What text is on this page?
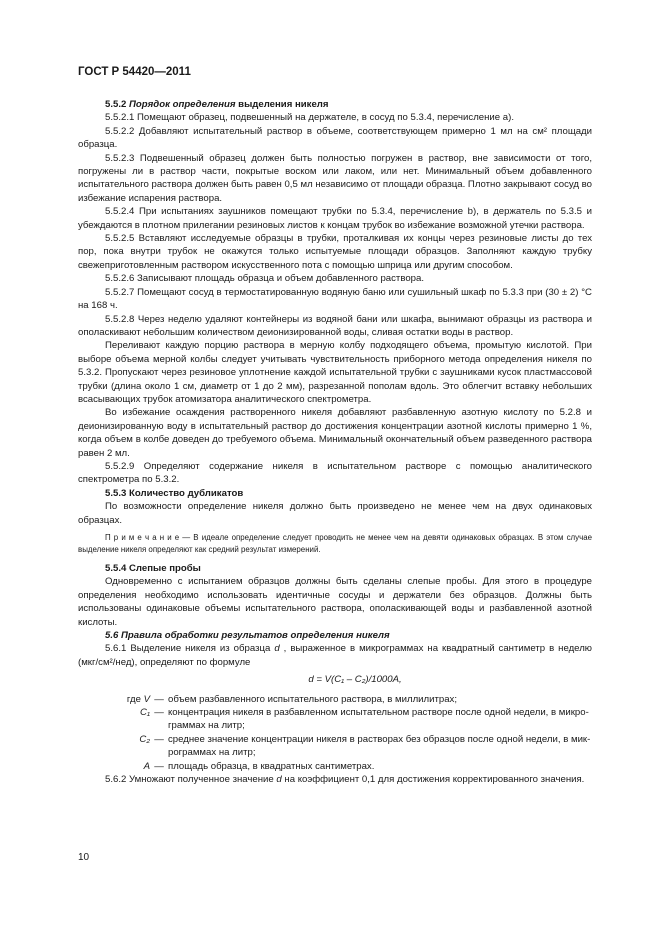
ГОСТ Р 54420—2011

5.5.2 Порядок определения выделения никеля

5.5.2.1 Помещают образец, подвешенный на держателе, в сосуд по 5.3.4, перечисление а).

5.5.2.2 Добавляют испытательный раствор в объеме, соответствующем примерно 1 мл на см² площади образца.

5.5.2.3 Подвешенный образец должен быть полностью погружен в раствор, вне зависимости от того, погружены ли в раствор части, покрытые воском или лаком, или нет. Минимальный объем добавленного испытательного раствора должен быть равен 0,5 мл независимо от площади образца. Плотно закрывают сосуд во избежание испарения раствора.

5.5.2.4 При испытаниях заушников помещают трубки по 5.3.4, перечисление b), в держатель по 5.3.5 и убеждаются в плотном прилегании резиновых листов к концам трубок во избежание возможной утечки раствора.

5.5.2.5 Вставляют исследуемые образцы в трубки, проталкивая их концы через резиновые листы до тех пор, пока внутри трубок не окажутся только испытуемые площади образцов. Заполняют каждую трубку свежеприготовленным раствором искусственного пота с помощью шприца или другим способом.

5.5.2.6 Записывают площадь образца и объем добавленного раствора.

5.5.2.7 Помещают сосуд в термостатированную водяную баню или сушильный шкаф по 5.3.3 при (30 ± 2) °С на 168 ч.

5.5.2.8 Через неделю удаляют контейнеры из водяной бани или шкафа, вынимают образцы из раствора и ополаскивают небольшим количеством деионизированной воды, сливая остатки воды в раствор.

Переливают каждую порцию раствора в мерную колбу подходящего объема, промытую кислотой. При выборе объема мерной колбы следует учитывать чувствительность приборного метода определения никеля по 5.3.2. Пропускают через резиновое уплотнение каждой испытательной трубки с заушниками кусок пластмассовой трубки (длина около 1 см, диаметр от 1 до 2 мм), разрезанной пополам вдоль. Это облегчит вставку небольших всасывающих трубок атомизатора аналитического спектрометра.

Во избежание осаждения растворенного никеля добавляют разбавленную азотную кислоту по 5.2.8 и деионизированную воду в испытательный раствор до достижения концентрации азотной кислоты примерно 1 %, когда объем в колбе доведен до требуемого объема. Минимальный окончательный объем разведенного раствора равен 2 мл.

5.5.2.9 Определяют содержание никеля в испытательном растворе с помощью аналитического спектрометра по 5.3.2.

5.5.3 Количество дубликатов

По возможности определение никеля должно быть произведено не менее чем на двух одинаковых образцах.

П р и м е ч а н и е — В идеале определение следует проводить не менее чем на девяти одинаковых образцах. В этом случае выделение никеля определяют как средний результат измерений.

5.5.4 Слепые пробы

Одновременно с испытанием образцов должны быть сделаны слепые пробы. Для этого в процедуре определения необходимо использовать идентичные сосуды и держатели без образцов. Должны быть использованы одинаковые объемы испытательного раствора, ополаскивающей воды и разбавленной азотной кислоты.

5.6 Правила обработки результатов определения никеля

5.6.1 Выделение никеля из образца d , выраженное в микрограммах на квадратный сантиметр в неделю (мкг/см²/нед), определяют по формуле

d = V(C₁ – C₂)/1000A,

где V — объем разбавленного испытательного раствора, в миллилитрах;
C₁ — концентрация никеля в разбавленном испытательном растворе после одной недели, в микрограммах на литр;
C₂ — среднее значение концентрации никеля в растворах без образцов после одной недели, в микрограммах на литр;
A — площадь образца, в квадратных сантиметрах.

5.6.2 Умножают полученное значение d на коэффициент 0,1 для достижения корректированного значения.

10
